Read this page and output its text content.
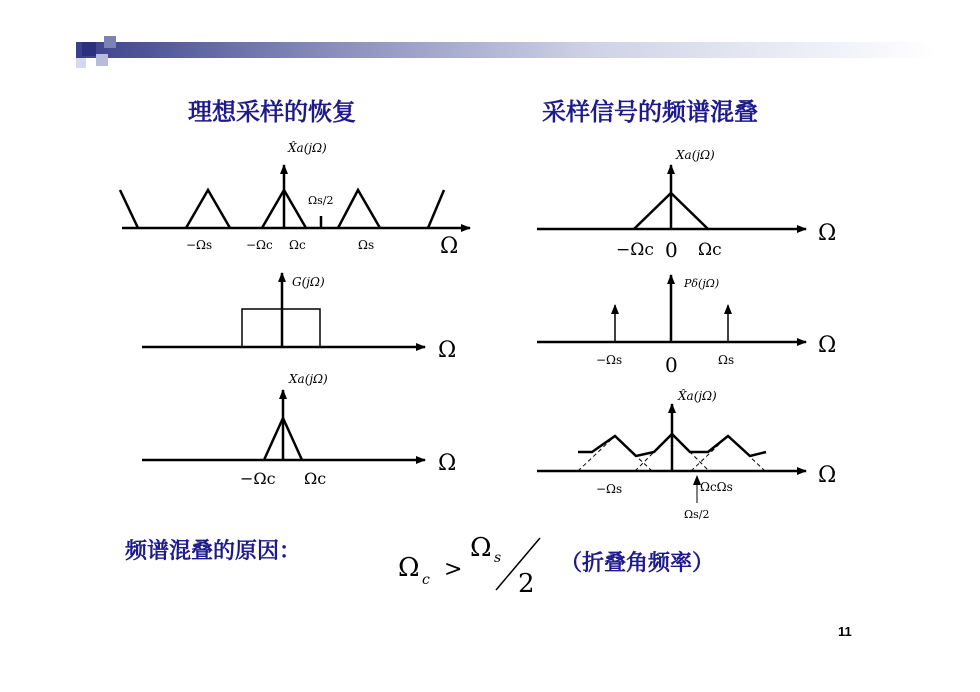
理想采样的恢复	采样信号的频谱混叠
X̂a(jΩ)
Ωs/2
−Ωs	−Ωc Ωc	Ωs	Ω
G(jΩ)
Ω
Xa(jΩ)
−Ωc Ωc
Ω
Xa(jΩ)
−Ωc 0 Ωc
Ω
Pδ(jΩ)
−Ωs 0	Ωs
Ω
X̂a(jΩ)
−Ωs	ΩcΩs
Ωs/2
Ω
Ω c >
Ω s
2
频谱混叠的原因：	（折叠角频率）
11
